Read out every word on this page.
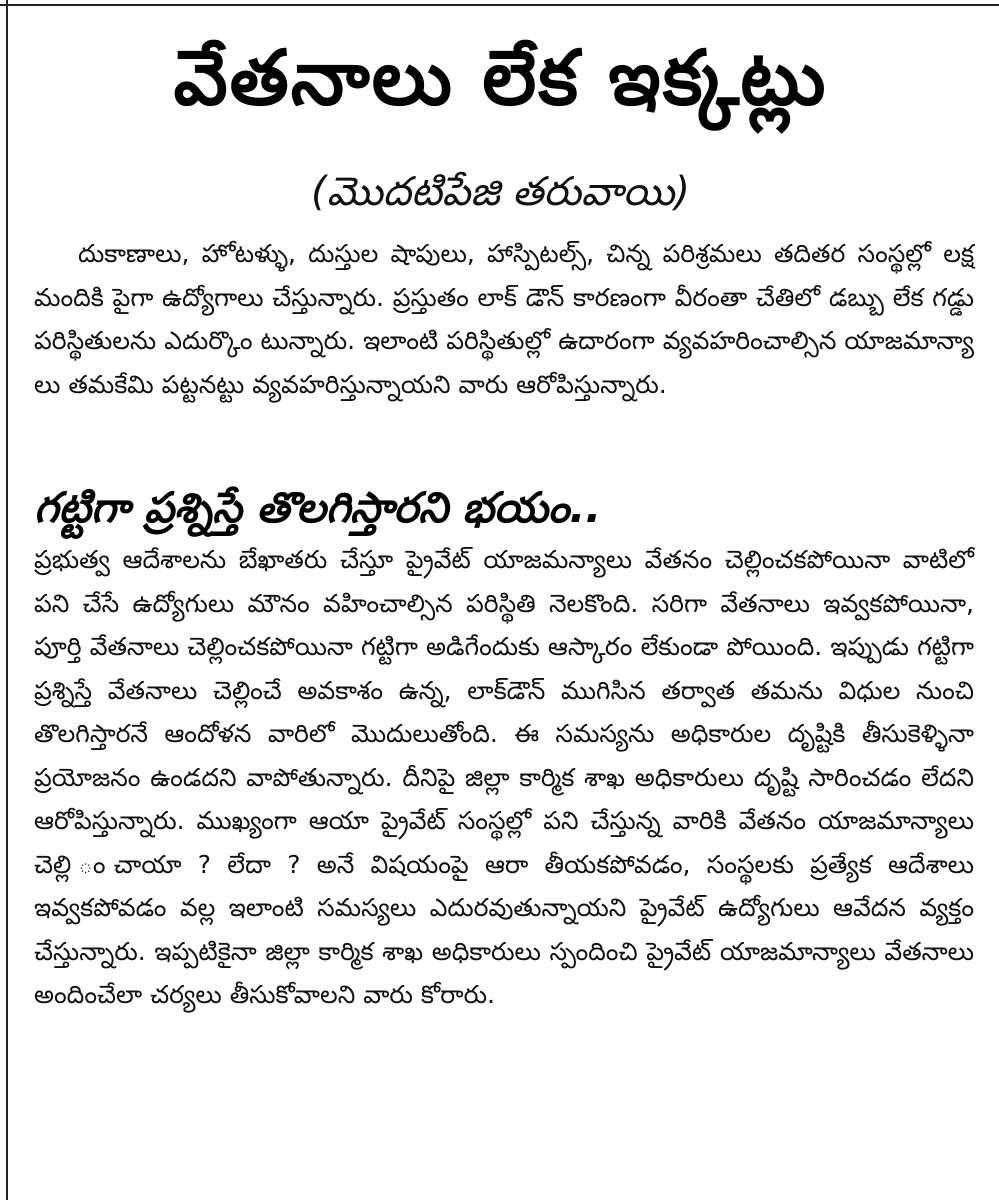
వేతనాలు లేక ఇక్కట్లు
(మొదటిపేజి తరువాయి)
దుకాణాలు, హోటళ్ళు, దుస్తుల షాపులు, హాస్పిటల్స్, చిన్న పరిశ్రమలు తదితర సంస్థల్లో లక్ష మందికి పైగా ఉద్యోగాలు చేస్తున్నారు. ప్రస్తుతం లాక్ డౌన్ కారణంగా వీరంతా చేతిలో డబ్బు లేక గడ్డు పరిస్థితులను ఎదుర్కొం టున్నారు. ఇలాంటి పరిస్థితుల్లో ఉదారంగా వ్యవహరించాల్సిన యాజమాన్యా లు తమకేమి పట్టనట్టు వ్యవహరిస్తున్నాయని వారు ఆరోపిస్తున్నారు.
గట్టిగా ప్రశ్నిస్తే తొలగిస్తారని భయం..
ప్రభుత్వ ఆదేశాలను బేఖాతరు చేస్తూ ప్రైవేట్ యాజమన్యాలు వేతనం చెల్లించకపోయినా వాటిలో పని చేసే ఉద్యోగులు మౌనం వహించాల్సిన పరిస్థితి నెలకొంది. సరిగా వేతనాలు ఇవ్వకపోయినా, పూర్తి వేతనాలు చెల్లించకపోయినా గట్టిగా అడిగేందుకు ఆస్కారం లేకుండా పోయింది. ఇప్పుడు గట్టిగా ప్రశ్నిస్తే వేతనాలు చెల్లించే అవకాశం ఉన్న, లాక్‌డౌన్ ముగిసిన తర్వాత తమను విధుల నుంచి తొలగిస్తారనే ఆందోళన వారిలో మొదులుతోంది. ఈ సమస్యను అధికారుల దృష్టికి తీసుకెళ్ళినా ప్రయోజనం ఉండదని వాపోతున్నారు. దీనిపై జిల్లా కార్మిక శాఖ అధికారులు దృష్టి సారించడం లేదని ఆరోపిస్తున్నారు. ముఖ్యంగా ఆయా ప్రైవేట్ సంస్థల్లో పని చేస్తున్న వారికి వేతనం యాజమాన్యాలు చెల్లి ంచాయా ? లేదా ? అనే విషయంపై ఆరా తీయకపోవడం, సంస్థలకు ప్రత్యేక ఆదేశాలు ఇవ్వకపోవడం వల్ల ఇలాంటి సమస్యలు ఎదురవుతున్నాయని ప్రైవేట్ ఉద్యోగులు ఆవేదన వ్యక్తం చేస్తున్నారు. ఇప్పటికైనా జిల్లా కార్మిక శాఖ అధికారులు స్పందించి ప్రైవేట్ యాజమాన్యాలు వేతనాలు అందించేలా చర్యలు తీసుకోవాలని వారు కోరారు.
